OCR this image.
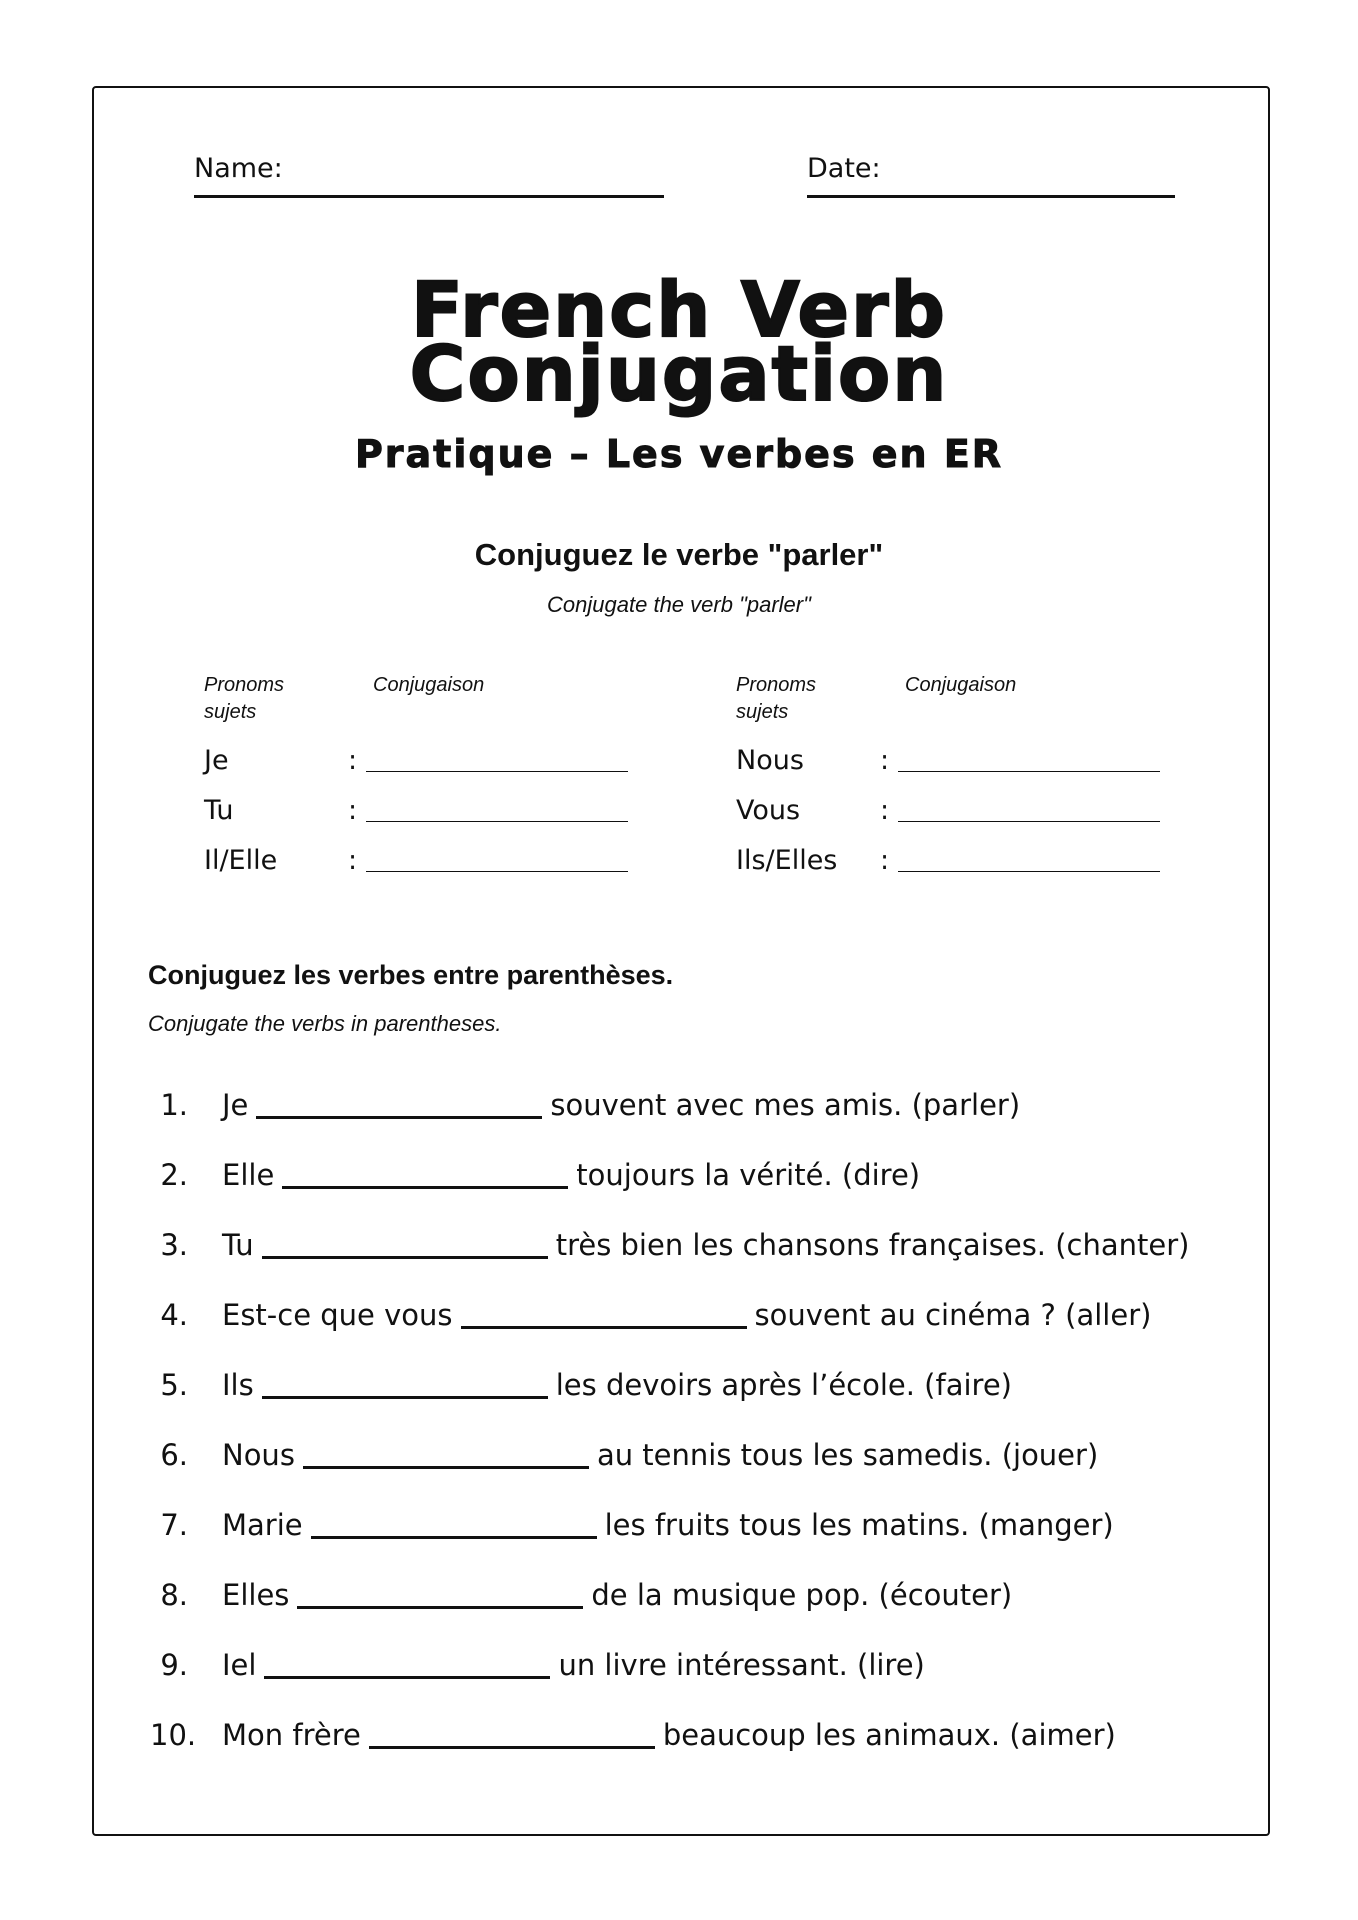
Name:	Date:
French Verb
Conjugation
Pratique – Les verbes en ER
Conjuguez le verbe "parler"
Conjugate the verb "parler"
Pronoms sujets
Conjugaison
Je	:
Tu	:
Il/Elle	:
Pronoms sujets
Conjugaison
Nous	:
Vous	:
Ils/Elles :
Conjuguez les verbes entre parenthèses.
Conjugate the verbs in parentheses.
1. Je	souvent avec mes amis. (parler)
2. Elle	toujours la vérité. (dire)
3. Tu	très bien les chansons françaises. (chanter)
4. Est-ce que vous	souvent au cinéma ? (aller)
5. Ils	les devoirs après l’école. (faire)
6. Nous	au tennis tous les samedis. (jouer)
7. Marie	les fruits tous les matins. (manger)
8. Elles	de la musique pop. (écouter)
9. Iel	un livre intéressant. (lire)
10. Mon frère	beaucoup les animaux. (aimer)
